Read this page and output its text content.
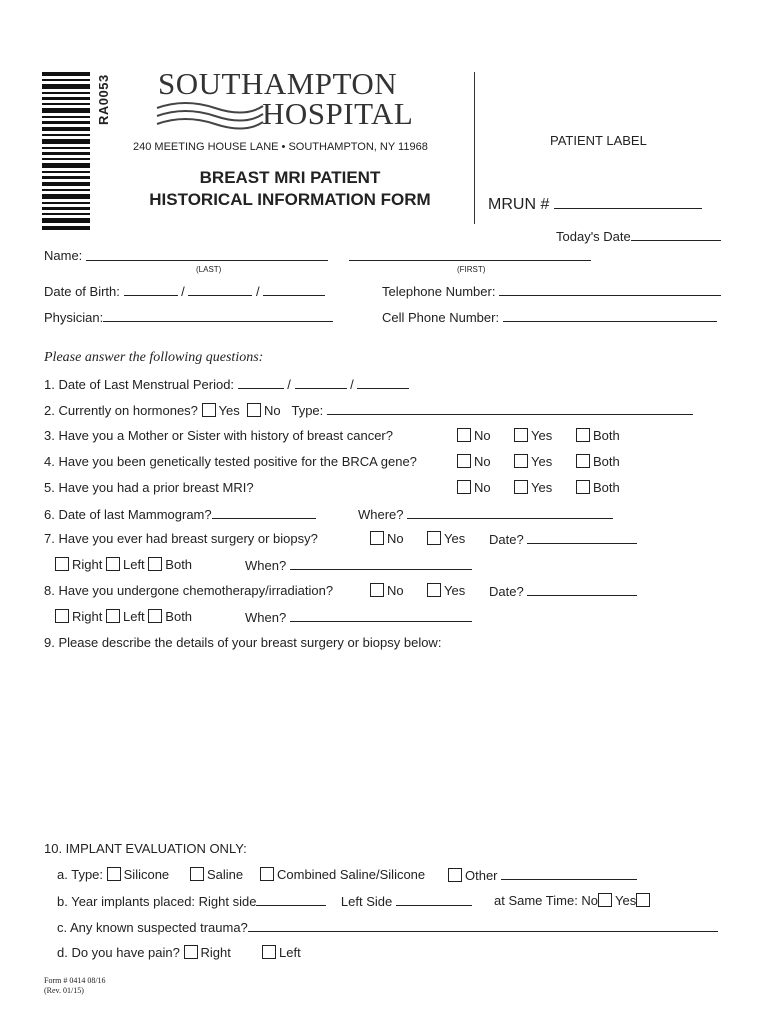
RA0053 SOUTHAMPTON
HOSPITAL
240 MEETING HOUSE LANE • SOUTHAMPTON, NY 11968
BREAST MRI PATIENT
HISTORICAL INFORMATION FORM
PATIENT LABEL
MRUN #
Today's Date
Name:
(LAST)	(FIRST)
Date of Birth:	/	/	Telephone Number:
Physician:	Cell Phone Number:
Please answer the following questions:
1. Date of Last Menstrual Period:	/	/
2. Currently on hormones? Yes No Type:
3. Have you a Mother or Sister with history of breast cancer?	No	Yes	Both
4. Have you been genetically tested positive for the BRCA gene?	No	Yes	Both
5. Have you had a prior breast MRI?	No	Yes	Both
6. Date of last Mammogram?	Where?
7. Have you ever had breast surgery or biopsy?	No	Yes Date?
Right Left Both	When?
8. Have you undergone chemotherapy/irradiation?	No	Yes Date?
Right Left Both	When?
9. Please describe the details of your breast surgery or biopsy below:
10. IMPLANT EVALUATION ONLY:
a. Type: Silicone	Saline	Combined Saline/Silicone	Other
b. Year implants placed: Right side	Left Side	at Same Time: No Yes
c. Any known suspected trauma?
d. Do you have pain? Right	Left
Form # 0414 08/16
(Rev. 01/15)
